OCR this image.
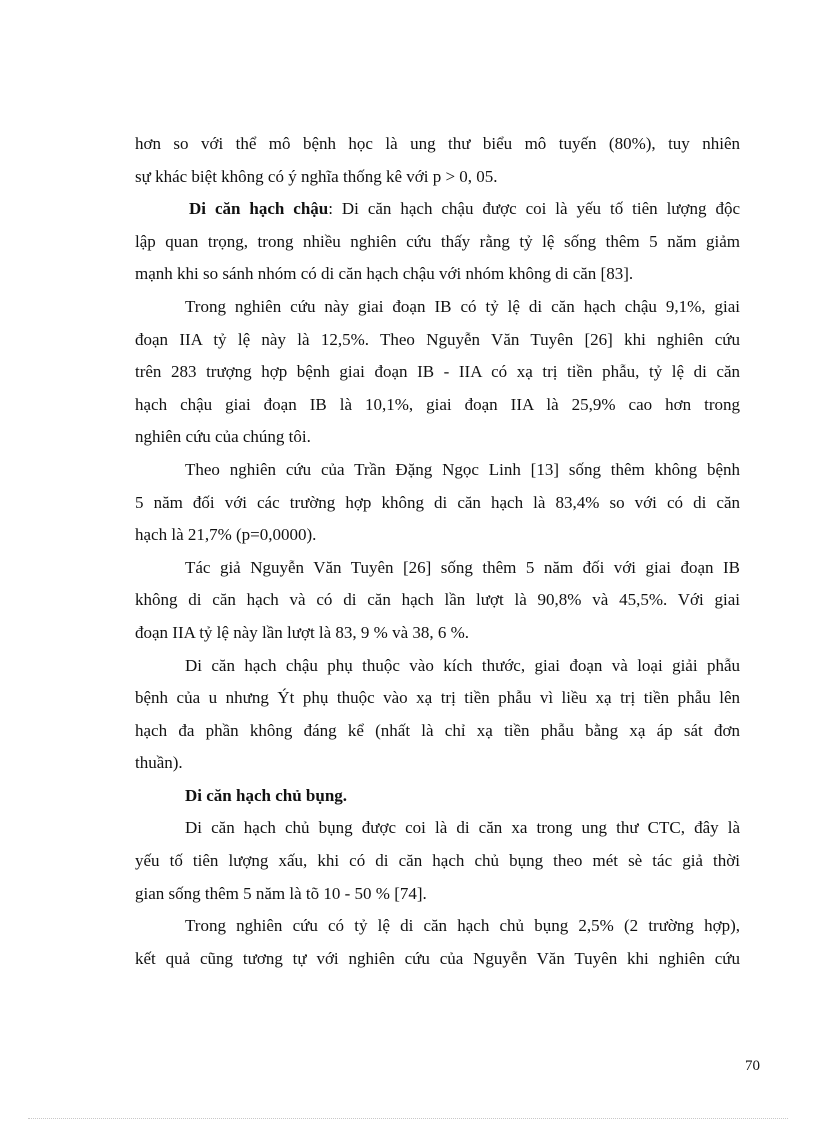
hơn so với thể mô bệnh học là ung thư biểu mô tuyến (80%), tuy nhiên
sự khác biệt không có ý nghĩa thống kê với p > 0, 05.
Di căn hạch chậu: Di căn hạch chậu được coi là yếu tố tiên lượng độc
lập quan trọng, trong nhiều nghiên cứu thấy rằng tỷ lệ sống thêm 5 năm giảm
mạnh khi so sánh nhóm có di căn hạch chậu với nhóm không di căn [83].
Trong nghiên cứu này giai đoạn IB có tỷ lệ di căn hạch chậu 9,1%, giai
đoạn IIA tỷ lệ này là 12,5%. Theo Nguyễn Văn Tuyên [26] khi nghiên cứu
trên 283 trượng hợp bệnh giai đoạn IB - IIA có xạ trị tiền phẫu, tỷ lệ di căn
hạch chậu giai đoạn IB là 10,1%, giai đoạn IIA là 25,9% cao hơn trong
nghiên cứu của chúng tôi.
Theo nghiên cứu của Trần Đặng Ngọc Linh [13] sống thêm không bệnh
5 năm đối với các trường hợp không di căn hạch là 83,4% so với có di căn
hạch là 21,7% (p=0,0000).
Tác giả Nguyễn Văn Tuyên [26] sống thêm 5 năm đối với giai đoạn IB
không di căn hạch và có di căn hạch lần lượt là 90,8% và 45,5%. Với giai
đoạn IIA tỷ lệ này lần lượt là 83, 9 % và 38, 6 %.
Di căn hạch chậu phụ thuộc vào kích thước, giai đoạn và loại giải phẫu
bệnh của u nhưng Ýt phụ thuộc vào xạ trị tiền phẫu vì liều xạ trị tiền phẫu lên
hạch đa phần không đáng kể (nhất là chỉ xạ tiền phẫu bằng xạ áp sát đơn
thuần).
Di căn hạch chủ bụng.
Di căn hạch chủ bụng được coi là di căn xa trong ung thư CTC, đây là
yếu tố tiên lượng xấu, khi có di căn hạch chủ bụng theo mét sè tác giả thời
gian sống thêm 5 năm là tõ 10 - 50 % [74].
Trong nghiên cứu có tỷ lệ di căn hạch chủ bụng 2,5% (2 trường hợp),
kết quả cũng tương tự với nghiên cứu của Nguyễn Văn Tuyên khi nghiên cứu
70
